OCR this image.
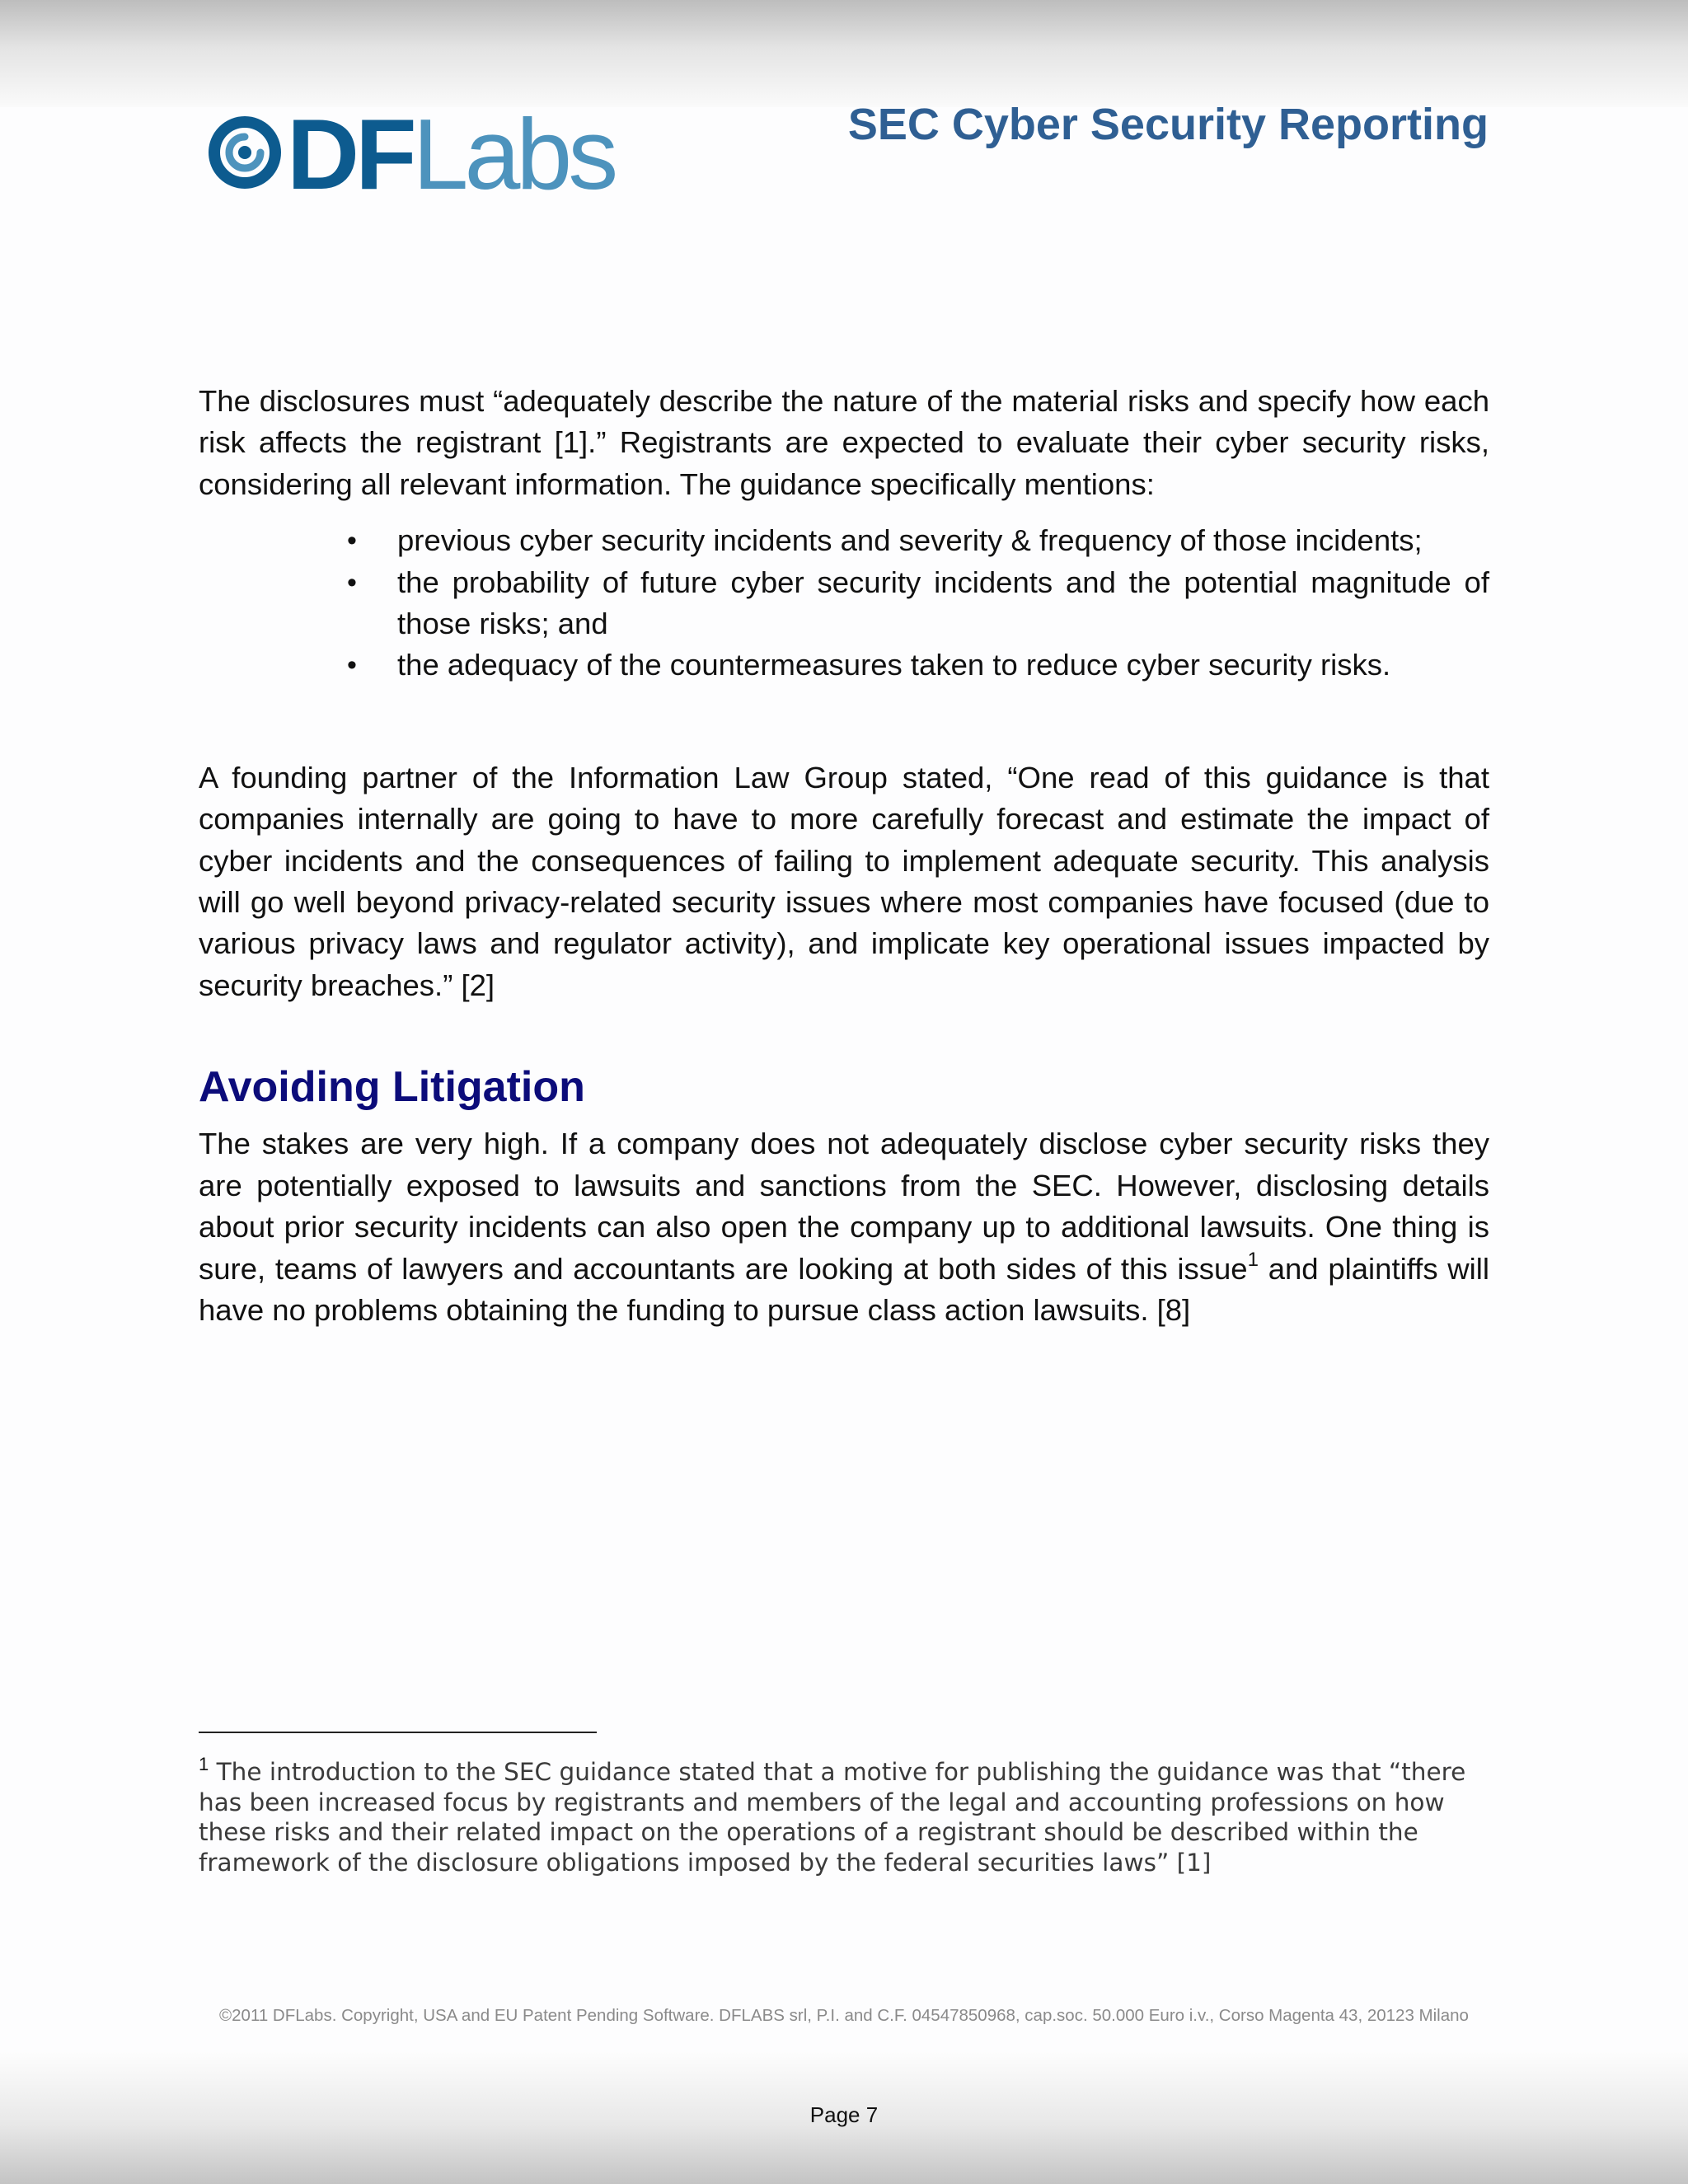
DFLabs	SEC Cyber Security Reporting

The disclosures must “adequately describe the nature of the material risks and specify how each risk affects the registrant [1].” Registrants are expected to evaluate their cyber security risks, considering all relevant information. The guidance specifically mentions:

• previous cyber security incidents and severity & frequency of those incidents;
• the probability of future cyber security incidents and the potential magnitude of those risks; and
• the adequacy of the countermeasures taken to reduce cyber security risks.

A founding partner of the Information Law Group stated, “One read of this guidance is that companies internally are going to have to more carefully forecast and estimate the impact of cyber incidents and the consequences of failing to implement adequate security. This analysis will go well beyond privacy-related security issues where most companies have focused (due to various privacy laws and regulator activity), and implicate key operational issues impacted by security breaches.” [2]

Avoiding Litigation

The stakes are very high. If a company does not adequately disclose cyber security risks they are potentially exposed to lawsuits and sanctions from the SEC. However, disclosing details about prior security incidents can also open the company up to additional lawsuits. One thing is sure, teams of lawyers and accountants are looking at both sides of this issue$^1$ and plaintiffs will have no problems obtaining the funding to pursue class action lawsuits. [8]

$^1$ The introduction to the SEC guidance stated that a motive for publishing the guidance was that “there has been increased focus by registrants and members of the legal and accounting professions on how these risks and their related impact on the operations of a registrant should be described within the framework of the disclosure obligations imposed by the federal securities laws” [1]
©2011 DFLabs. Copyright, USA and EU Patent Pending Software. DFLABS srl, P.I. and C.F. 04547850968, cap.soc. 50.000 Euro i.v., Corso Magenta 43, 20123 Milano
Page 7
